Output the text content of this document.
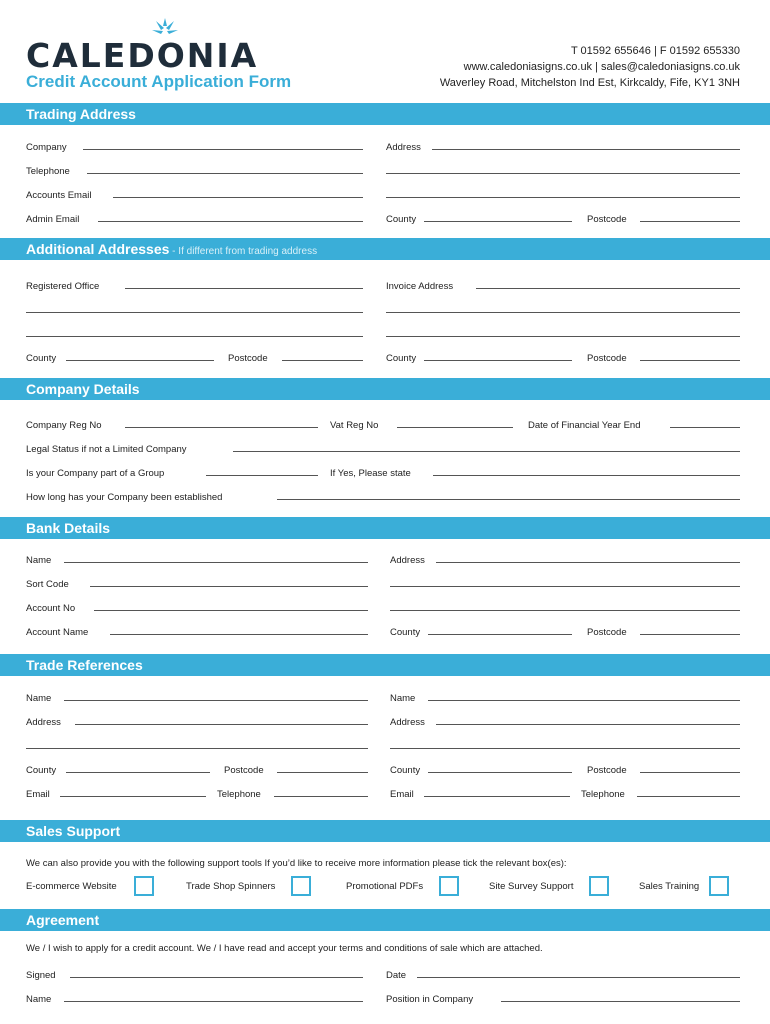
CALEDONIA
Credit Account Application Form
T 01592 655646 | F 01592 655330
www.caledoniasigns.co.uk | sales@caledoniasigns.co.uk
Waverley Road, Mitchelston Ind Est, Kirkcaldy, Fife, KY1 3NH
Trading Address
Company	Address
Telephone
Accounts Email
Admin Email	County	Postcode
Additional Addresses - If different from trading address
Registered Office	Invoice Address
County	Postcode	County	Postcode
Company Details
Company Reg No	Vat Reg No	Date of Financial Year End
Legal Status if not a Limited Company
Is your Company part of a Group	If Yes, Please state
How long has your Company been established
Bank Details
Name	Address
Sort Code
Account No
Account Name	County	Postcode
Trade References
Name	Name
Address	Address
County	Postcode	County	Postcode
Email	Telephone	Email	Telephone
Sales Support
We can also provide you with the following support tools If you’d like to receive more information please tick the relevant box(es):
E-commerce Website	Trade Shop Spinners	Promotional PDFs	Site Survey Support	Sales Training
Agreement
We / I wish to apply for a credit account. We / I have read and accept your terms and conditions of sale which are attached.
Signed	Date
Name	Position in Company
